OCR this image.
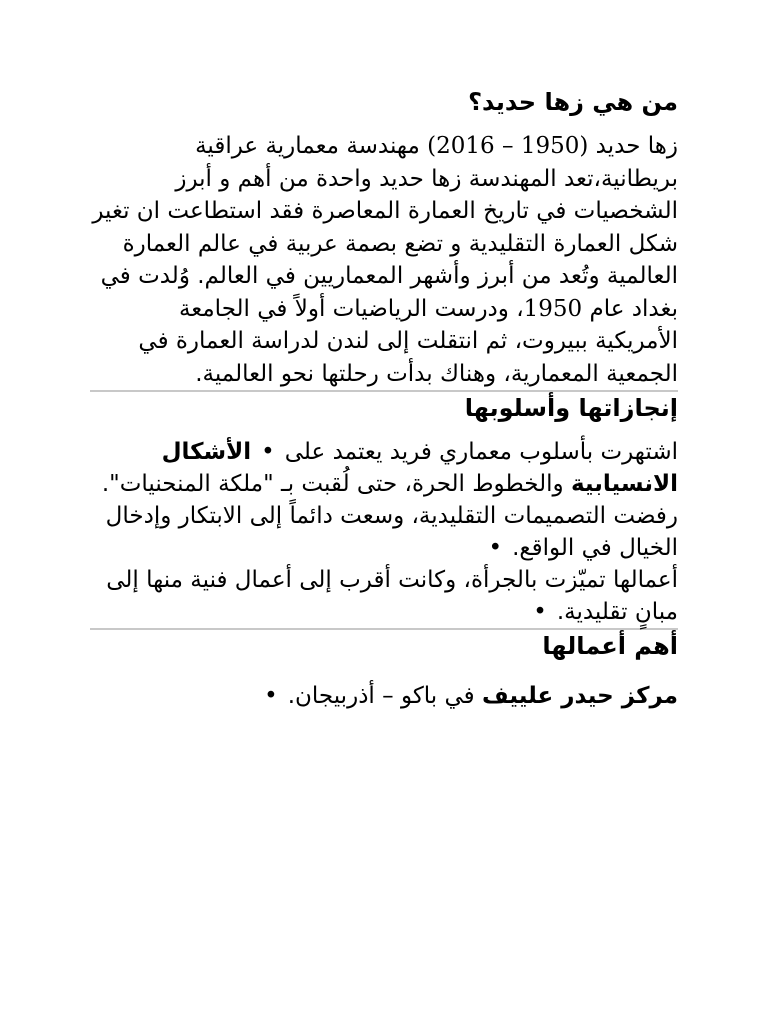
من هي زها حديد؟

زها حديد (1950 – 2016) مهندسة معمارية عراقية بريطانية،تعد المهندسة زها حديد واحدة من أهم و أبرز الشخصيات في تاريخ العمارة المعاصرة فقد استطاعت ان تغير شكل العمارة التقليدية و تضع بصمة عربية في عالم العمارة العالمية وتُعد من أبرز وأشهر المعماريين في العالم. وُلدت في بغداد عام 1950، ودرست الرياضيات أولاً في الجامعة الأمريكية ببيروت، ثم انتقلت إلى لندن لدراسة العمارة في الجمعية المعمارية، وهناك بدأت رحلتها نحو العالمية.

إنجازاتها وأسلوبها
اشتهرت بأسلوب معماري فريد يعتمد على•الأشكال الانسيابية والخطوط الحرة، حتى لُقبت بـ "ملكة المنحنيات".
رفضت التصميمات التقليدية، وسعت دائماً إلى الابتكار وإدخال الخيال في الواقع.•
أعمالها تميّزت بالجرأة، وكانت أقرب إلى أعمال فنية منها إلى مبانٍ تقليدية.•
أهم أعمالها
مركز حيدر علييف في باكو – أذربيجان.•
